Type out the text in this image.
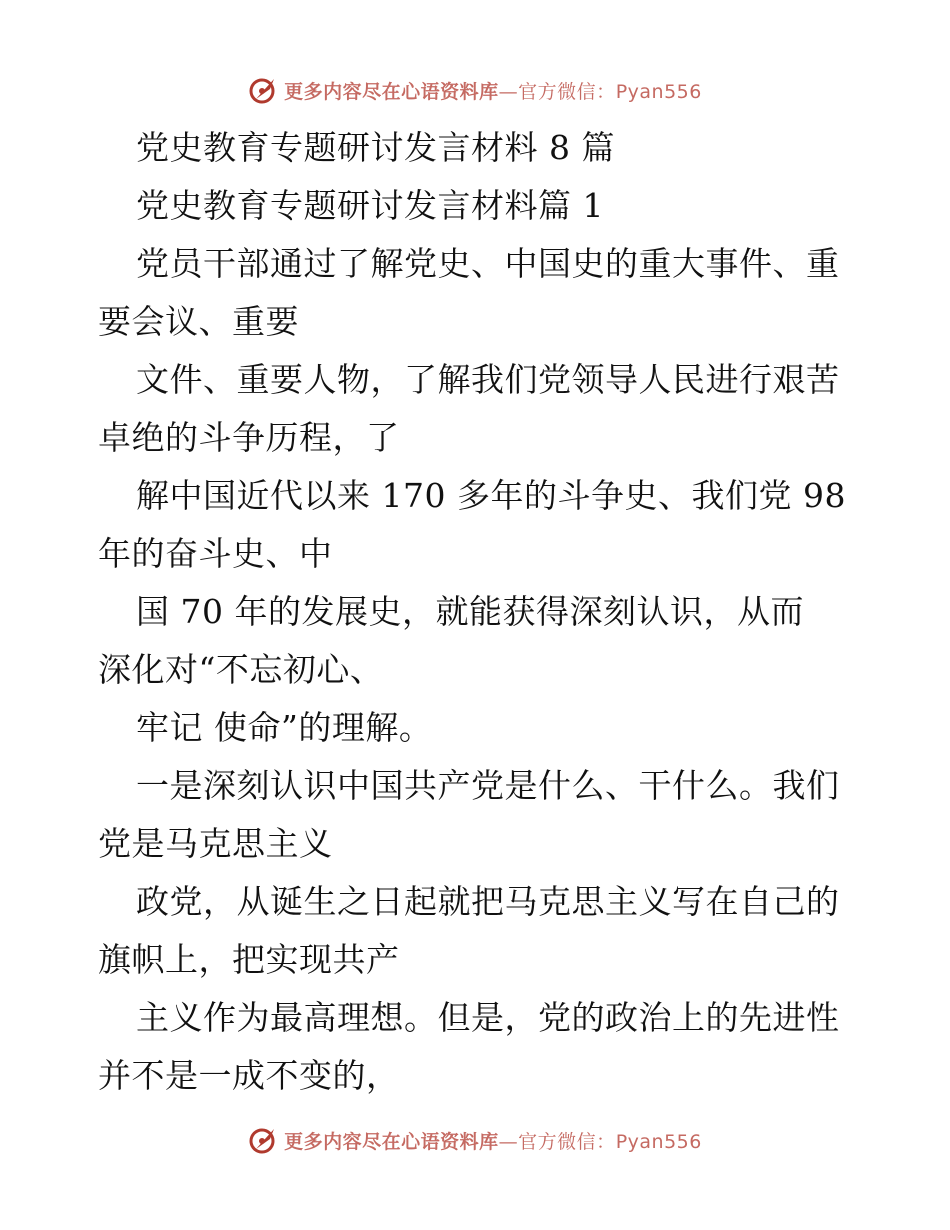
更多内容尽在心语资料库—官方微信：Pyan556
党史教育专题研讨发言材料 8 篇
党史教育专题研讨发言材料篇 1
党员干部通过了解党史、中国史的重大事件、重
要会议、重要
文件、重要人物，了解我们党领导人民进行艰苦
卓绝的斗争历程，了
解中国近代以来 170 多年的斗争史、我们党 98
年的奋斗史、中
国 70 年的发展史，就能获得深刻认识，从而
深化对“不忘初心、
牢记 使命”的理解。
一是深刻认识中国共产党是什么、干什么。我们
党是马克思主义
政党，从诞生之日起就把马克思主义写在自己的
旗帜上，把实现共产
主义作为最高理想。但是，党的政治上的先进性
并不是一成不变的，
更多内容尽在心语资料库—官方微信：Pyan556
